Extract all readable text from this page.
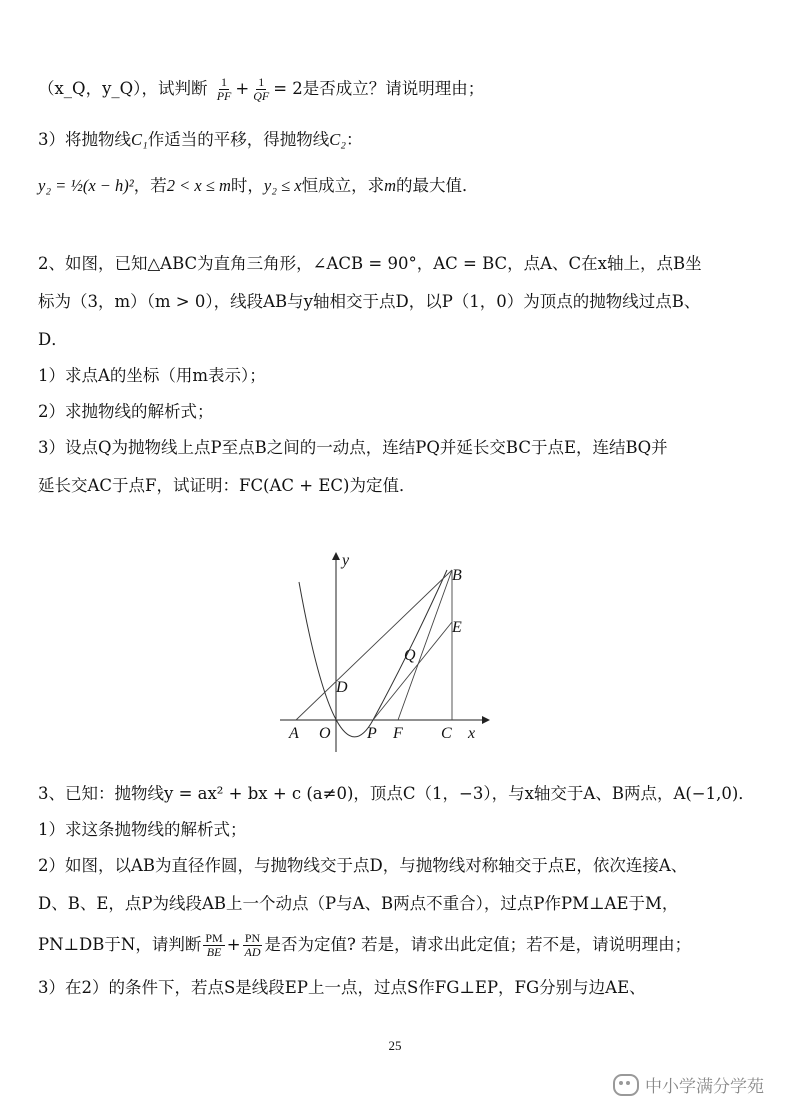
（x_Q，y_Q），试判断 $\frac{1}{PF} + \frac{1}{QF} = 2$是否成立？请说明理由；
3）将抛物线C₁作适当的平移，得抛物线C₂：
y₂ = ½(x − h)²，若2 < x ≤ m时，y₂ ≤ x恒成立，求m的最大值．
2、如图，已知△ABC为直角三角形，∠ACB = 90°，AC = BC，点A、C在x轴上，点B坐
标为（3，m）（m > 0），线段AB与y轴相交于点D，以P（1，0）为顶点的抛物线过点B、
D．
1）求点A的坐标（用m表示）；
2）求抛物线的解析式；
3）设点Q为抛物线上点P至点B之间的一动点，连结PQ并延长交BC于点E，连结BQ并
延长交AC于点F，试证明：FC(AC + EC)为定值．
y
x
B
E
Q
D
A O P F C
3、已知：抛物线y = ax² + bx + c (a≠0)，顶点C（1，−3），与x轴交于A、B两点，A(−1,0)．
1）求这条抛物线的解析式；
2）如图，以AB为直径作圆，与抛物线交于点D，与抛物线对称轴交于点E，依次连接A、
D、B、E，点P为线段AB上一个动点（P与A、B两点不重合），过点P作PM⊥AE于M，
PN⊥DB于N，请判断 $\frac{PM}{BE} + \frac{PN}{AD}$ 是否为定值? 若是，请求出此定值；若不是，请说明理由；
3）在2）的条件下，若点S是线段EP上一点，过点S作FG⊥EP，FG分别与边AE、
25
中小学满分学苑
